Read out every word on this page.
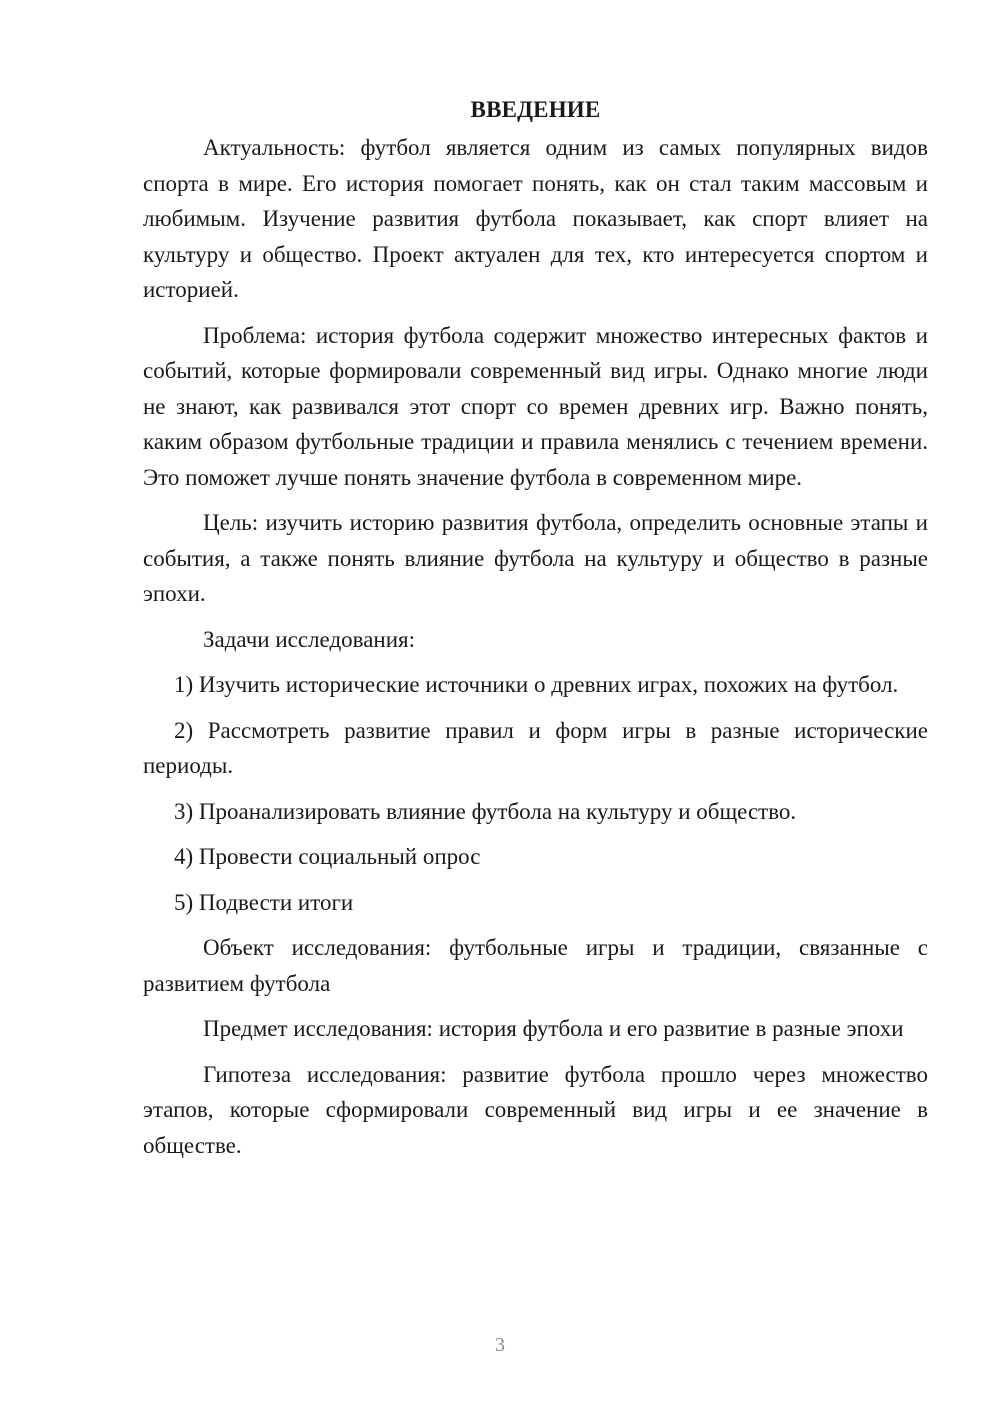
ВВЕДЕНИЕ

Актуальность: футбол является одним из самых популярных видов спорта в мире. Его история помогает понять, как он стал таким массовым и любимым. Изучение развития футбола показывает, как спорт влияет на культуру и общество. Проект актуален для тех, кто интересуется спортом и историей.

Проблема: история футбола содержит множество интересных фактов и событий, которые формировали современный вид игры. Однако многие люди не знают, как развивался этот спорт со времен древних игр. Важно понять, каким образом футбольные традиции и правила менялись с течением времени. Это поможет лучше понять значение футбола в современном мире.

Цель: изучить историю развития футбола, определить основные этапы и события, а также понять влияние футбола на культуру и общество в разные эпохи.

Задачи исследования:

1) Изучить исторические источники о древних играх, похожих на футбол.

2) Рассмотреть развитие правил и форм игры в разные исторические периоды.

3) Проанализировать влияние футбола на культуру и общество.

4) Провести социальный опрос

5) Подвести итоги

Объект исследования: футбольные игры и традиции, связанные с развитием футбола

Предмет исследования: история футбола и его развитие в разные эпохи

Гипотеза исследования: развитие футбола прошло через множество этапов, которые сформировали современный вид игры и ее значение в обществе.

3
